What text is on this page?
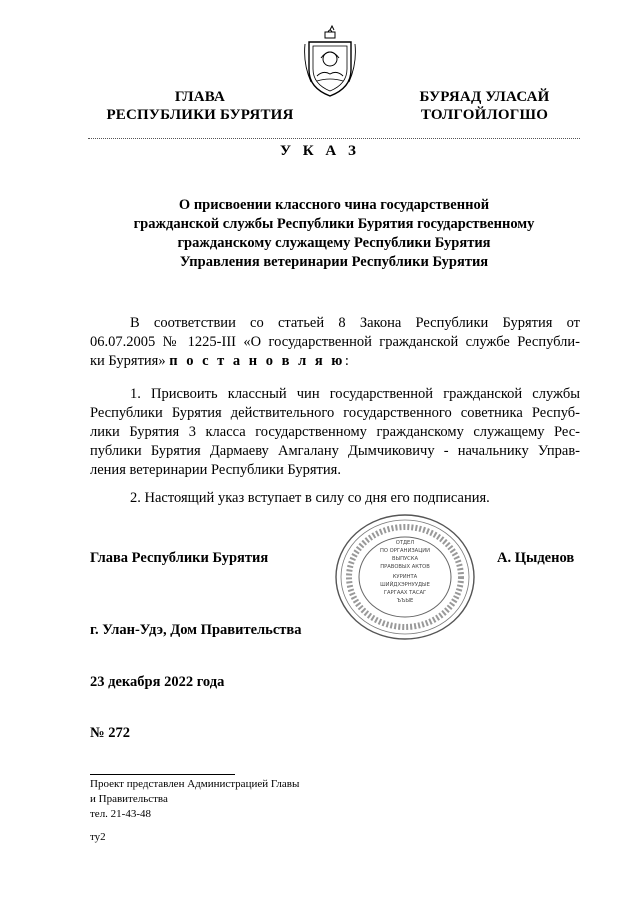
ГЛАВА
РЕСПУБЛИКИ БУРЯТИЯ
БУРЯАД УЛАСАЙ
ТОЛГОЙЛОГШО
У К А З
О присвоении классного чина государственной
гражданской службы Республики Бурятия государственному
гражданскому служащему Республики Бурятия
Управления ветеринарии Республики Бурятия
В соответствии со статьей 8 Закона Республики Бурятия от
06.07.2005 № 1225-III «О государственной гражданской службе Республи-
ки Бурятия» п о с т а н о в л я ю:
1. Присвоить классный чин государственной гражданской службы
Республики Бурятия действительного государственного советника Респуб-
лики Бурятия 3 класса государственному гражданскому служащему Рес-
публики Бурятия Дармаеву Амгалану Дымчиковичу - начальнику Управ-
ления ветеринарии Республики Бурятия.
2. Настоящий указ вступает в силу со дня его подписания.
ОТДЕЛ
ПО ОРГАНИЗАЦИИ
ВЫПУСКА
ПРАВОВЫХ АКТОВ
КУРИНТА
ШИЙДХЭРНУУДЫЕ
ГАРГААХ ТАСАГ
ЪЪЫЕ
Глава Республики Бурятия	А. Цыденов
г. Улан-Удэ, Дом Правительства
23 декабря 2022 года
№ 272
Проект представлен Администрацией Главы
и Правительства
тел. 21-43-48
ту2
